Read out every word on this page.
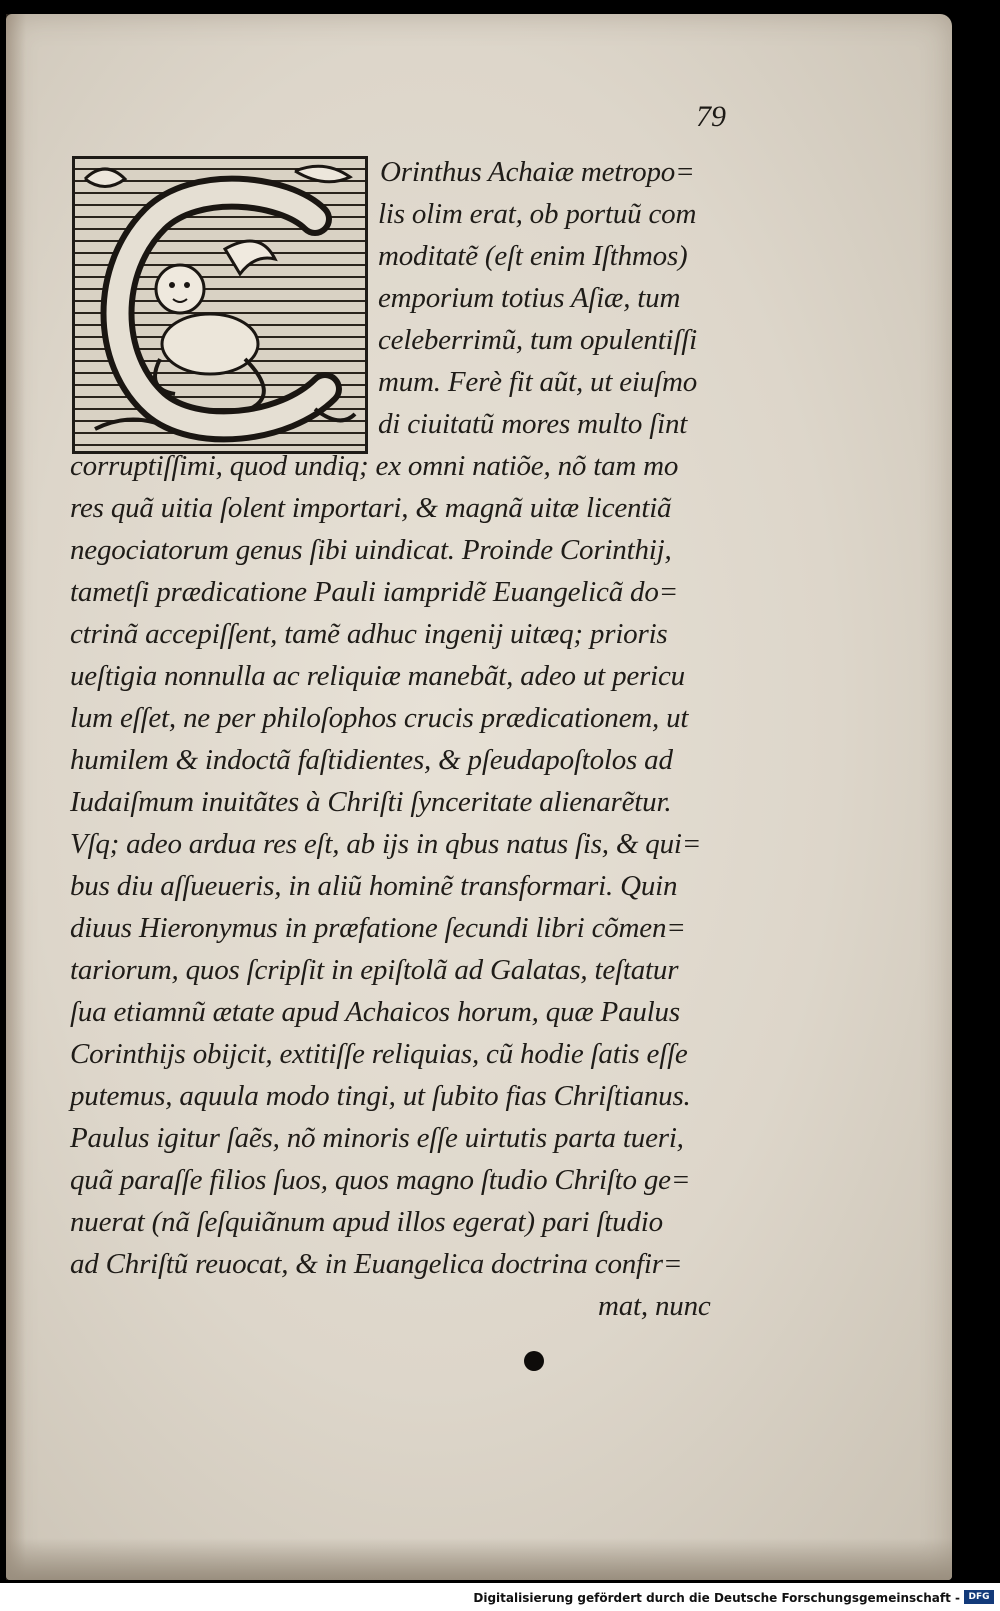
79
Orinthus Achaiæ metropo=
lis olim erat, ob portuũ com
moditatẽ (eſt enim Iſthmos)
emporium totius Aſiæ, tum
celeberrimũ, tum opulentiſſi
mum. Ferè fit aũt, ut eiuſmo
di ciuitatũ mores multo ſint
corruptiſſimi, quod undiq; ex omni natiõe, nõ tam mo
res quã uitia ſolent importari, & magnã uitæ licentiã
negociatorum genus ſibi uindicat. Proinde Corinthij,
tametſi prædicatione Pauli iampridẽ Euangelicã do=
ctrinã accepiſſent, tamẽ adhuc ingenij uitæq; prioris
ueſtigia nonnulla ac reliquiæ manebãt, adeo ut pericu
lum eſſet, ne per philoſophos crucis prædicationem, ut
humilem & indoctã faſtidientes, & pſeudapoſtolos ad
Iudaiſmum inuitãtes à Chriſti ſynceritate alienarẽtur.
Vſq; adeo ardua res eſt, ab ijs in qbus natus ſis, & qui=
bus diu aſſueueris, in aliũ hominẽ transformari. Quin
diuus Hieronymus in præfatione ſecundi libri cõmen=
tariorum, quos ſcripſit in epiſtolã ad Galatas, teſtatur
ſua etiamnũ ætate apud Achaicos horum, quæ Paulus
Corinthijs obijcit, extitiſſe reliquias, cũ hodie ſatis eſſe
putemus, aquula modo tingi, ut ſubito fias Chriſtianus.
Paulus igitur ſaẽs, nõ minoris eſſe uirtutis parta tueri,
quã paraſſe filios ſuos, quos magno ſtudio Chriſto ge=
nuerat (nã ſeſquiãnum apud illos egerat) pari ſtudio
ad Chriſtũ reuocat, & in Euangelica doctrina confir=
mat, nunc
Digitalisierung gefördert durch die Deutsche Forschungsgemeinschaft - DFG
